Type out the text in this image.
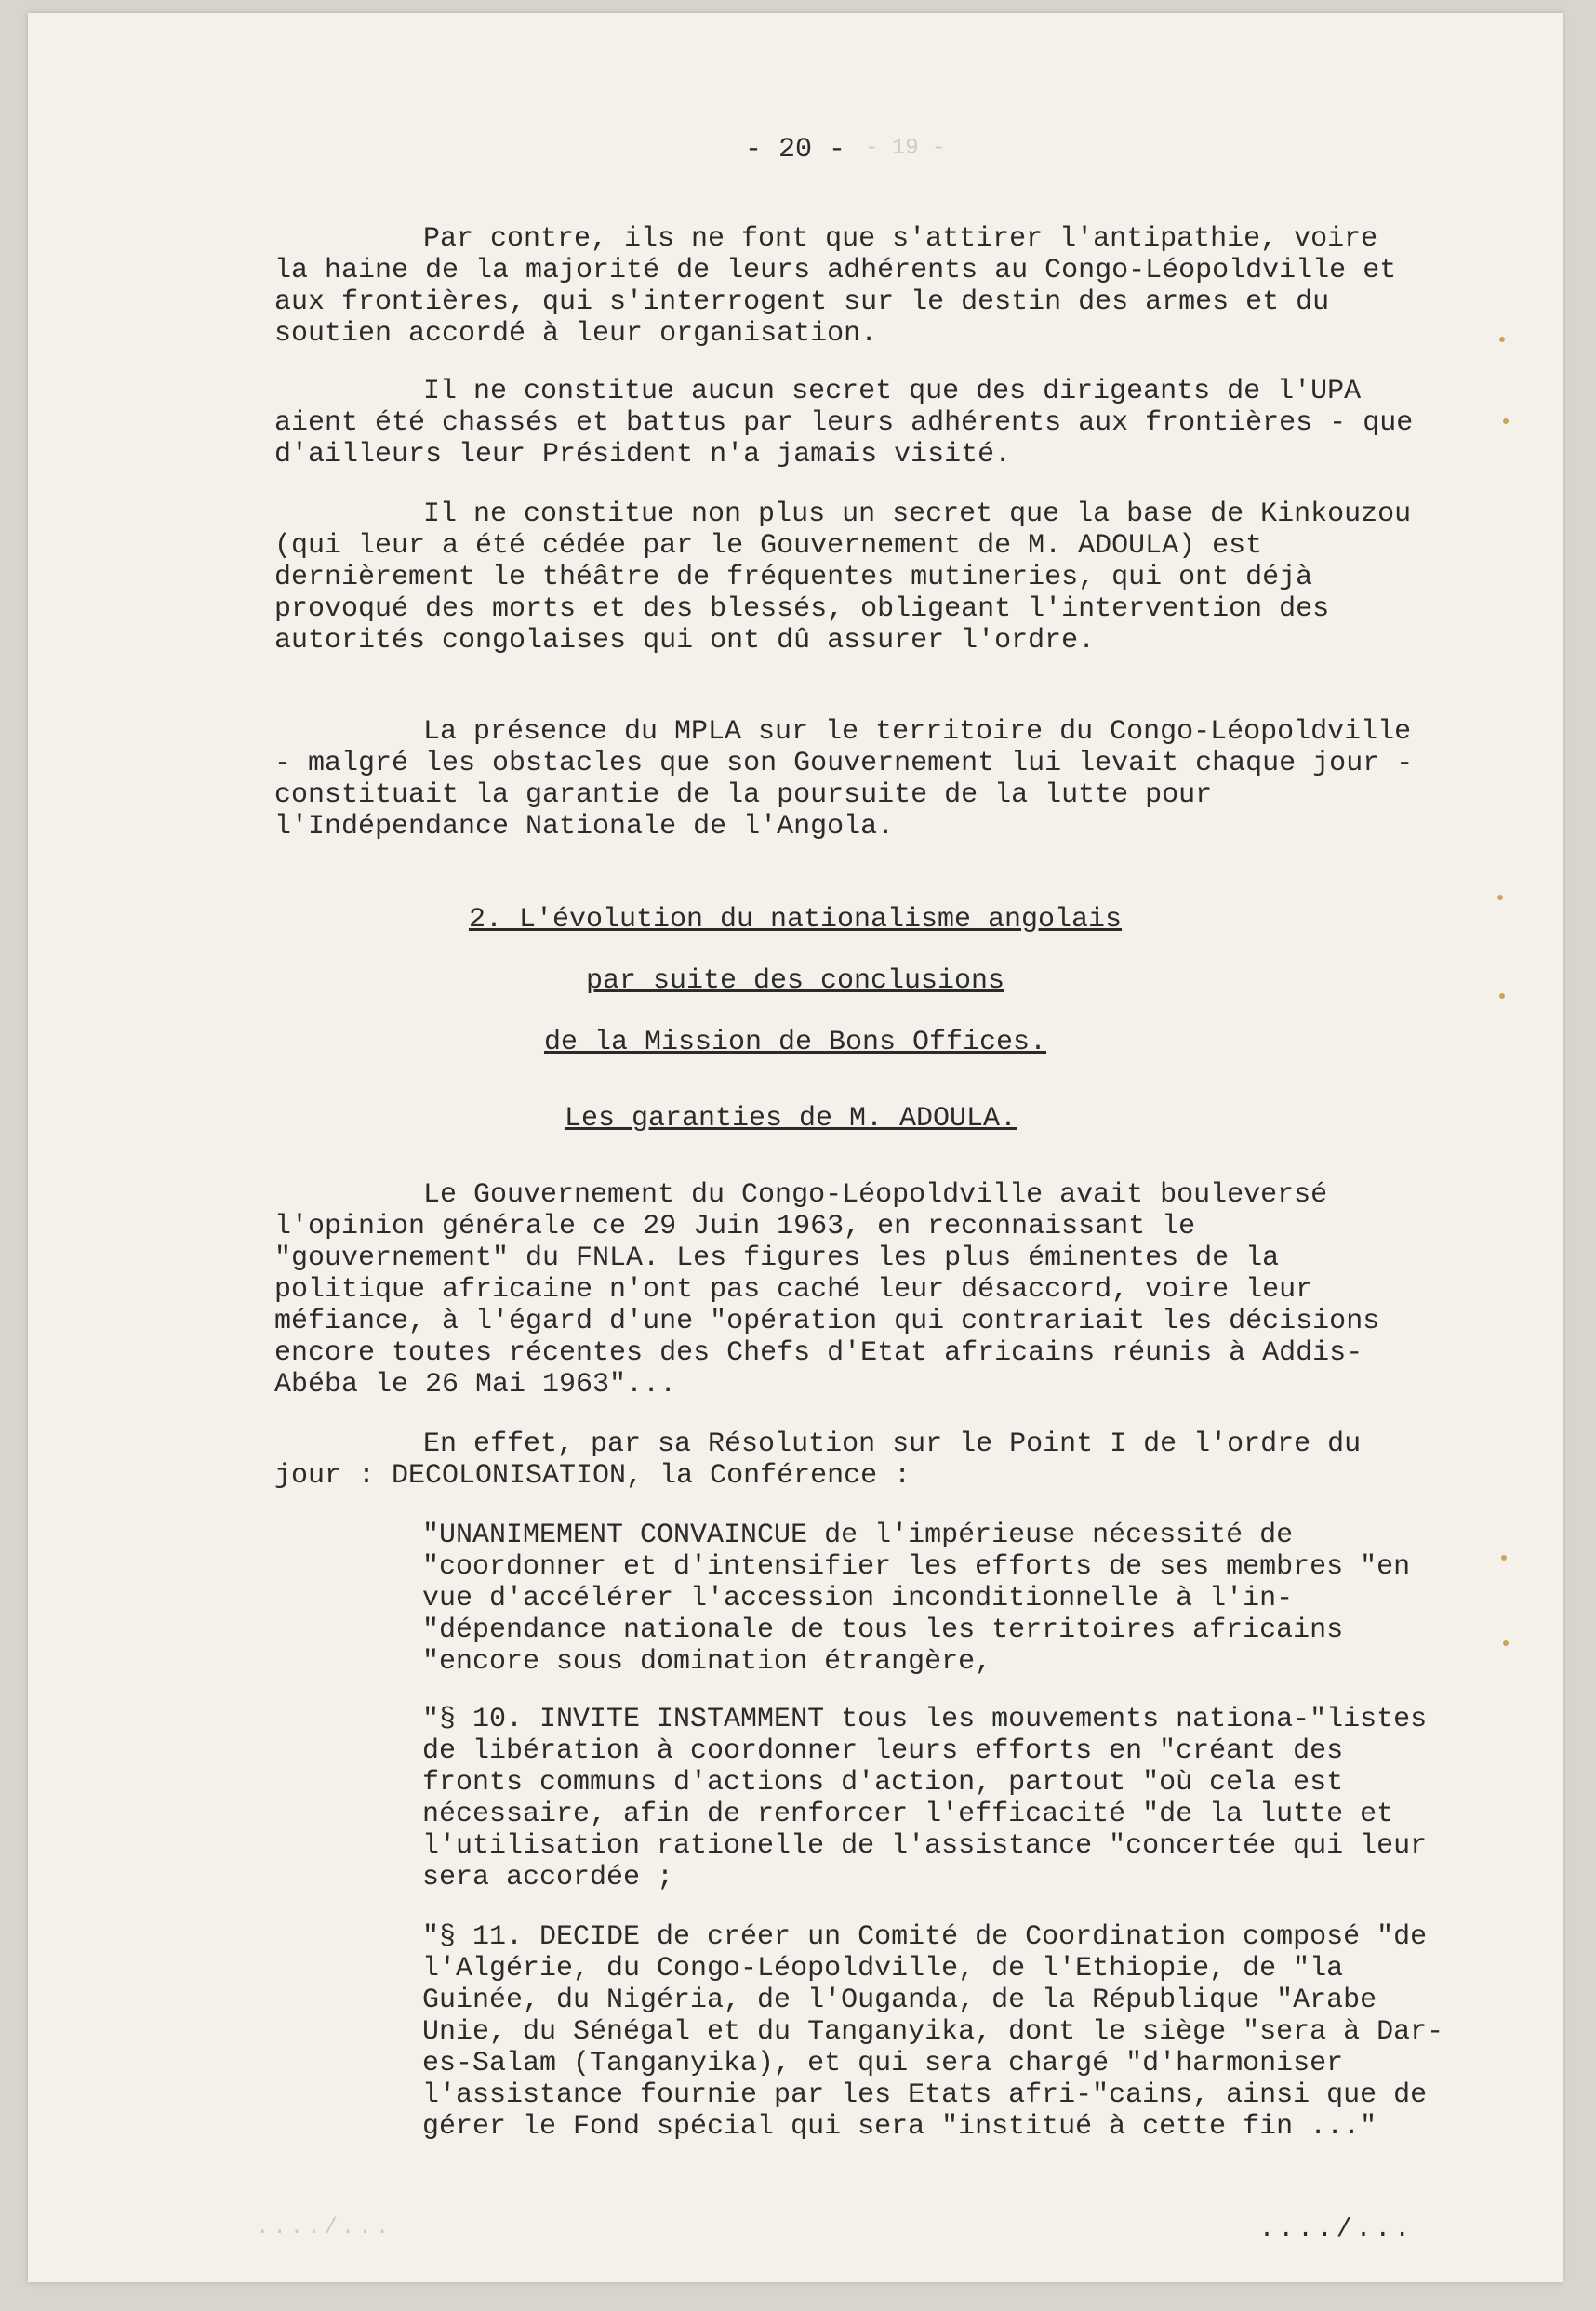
- 19 -
- 20 -

Par contre, ils ne font que s'attirer l'antipathie, voire la haine de la majorité de leurs adhérents au Congo-Léopoldville et aux frontières, qui s'interrogent sur le destin des armes et du soutien accordé à leur organisation.

Il ne constitue aucun secret que des dirigeants de l'UPA aient été chassés et battus par leurs adhérents aux frontières - que d'ailleurs leur Président n'a jamais visité.

Il ne constitue non plus un secret que la base de Kinkouzou (qui leur a été cédée par le Gouvernement de M. ADOULA) est dernièrement le théâtre de fréquentes mutineries, qui ont déjà provoqué des morts et des blessés, obligeant l'intervention des autorités congolaises qui ont dû assurer l'ordre.

La présence du MPLA sur le territoire du Congo-Léopoldville - malgré les obstacles que son Gouvernement lui levait chaque jour - constituait la garantie de la poursuite de la lutte pour l'Indépendance Nationale de l'Angola.

2. L'évolution du nationalisme angolais
par suite des conclusions
de la Mission de Bons Offices.
Les garanties de M. ADOULA.

Le Gouvernement du Congo-Léopoldville avait bouleversé l'opinion générale ce 29 Juin 1963, en reconnaissant le "gouvernement" du FNLA. Les figures les plus éminentes de la politique africaine n'ont pas caché leur désaccord, voire leur méfiance, à l'égard d'une "opération qui contrariait les décisions encore toutes récentes des Chefs d'Etat africains réunis à Addis-Abéba le 26 Mai 1963"...

En effet, par sa Résolution sur le Point I de l'ordre du jour : DECOLONISATION, la Conférence :

"UNANIMEMENT CONVAINCUE de l'impérieuse nécessité de "coordonner et d'intensifier les efforts de ses membres "en vue d'accélérer l'accession inconditionnelle à l'in-"dépendance nationale de tous les territoires africains "encore sous domination étrangère,

"§ 10. INVITE INSTAMMENT tous les mouvements nationa-"listes de libération à coordonner leurs efforts en "créant des fronts communs d'actions d'action, partout "où cela est nécessaire, afin de renforcer l'efficacité "de la lutte et l'utilisation rationelle de l'assistance "concertée qui leur sera accordée ;

"§ 11. DECIDE de créer un Comité de Coordination composé "de l'Algérie, du Congo-Léopoldville, de l'Ethiopie, de "la Guinée, du Nigéria, de l'Ouganda, de la République "Arabe Unie, du Sénégal et du Tanganyika, dont le siège "sera à Dar-es-Salam (Tanganyika), et qui sera chargé "d'harmoniser l'assistance fournie par les Etats afri-"cains, ainsi que de gérer le Fond spécial qui sera "institué à cette fin ..."

..../...	..../...
